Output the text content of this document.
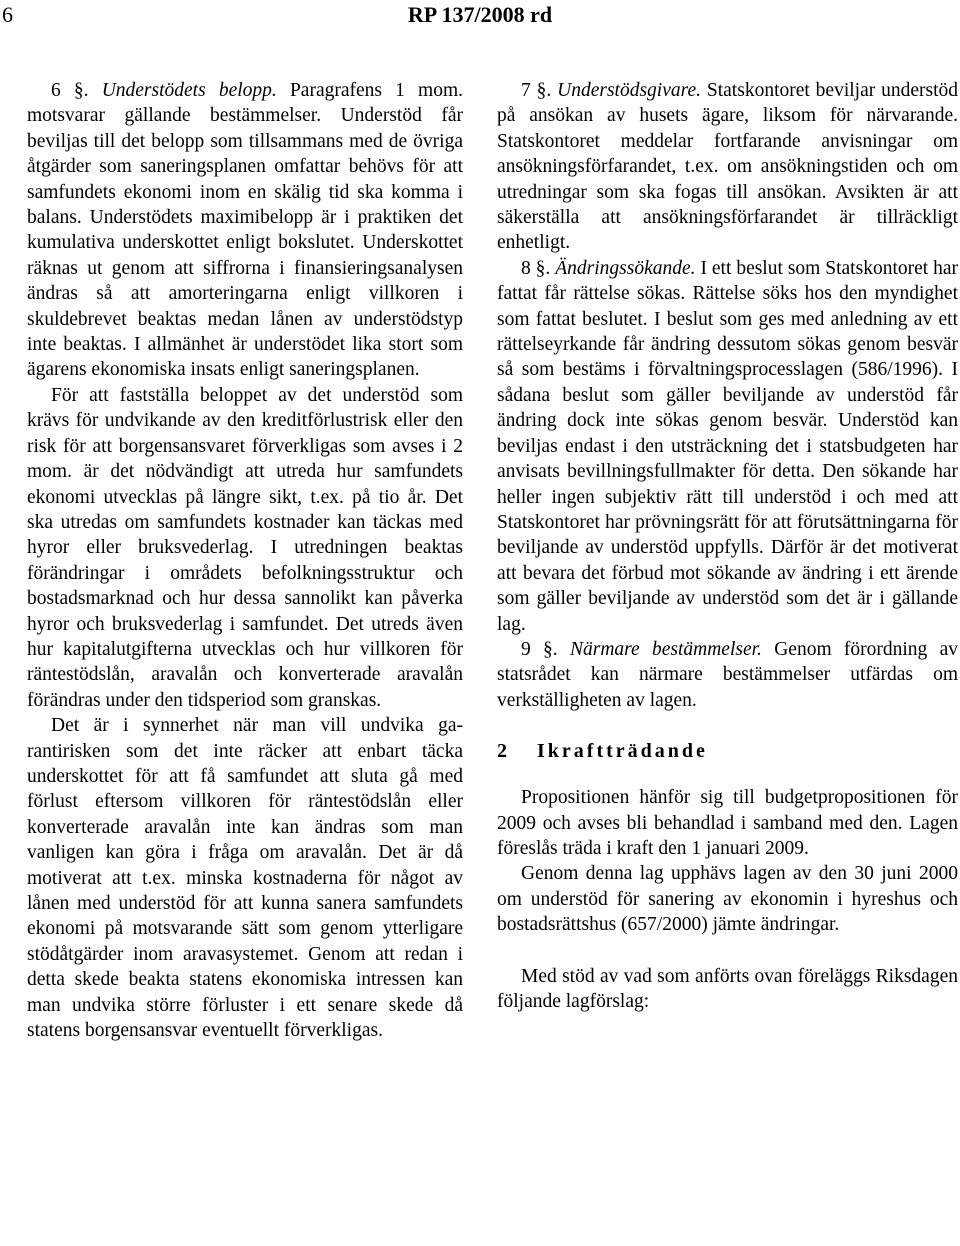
6	RP 137/2008 rd

6 §. Understödets belopp. Paragrafens 1 mom. motsvarar gällande bestämmelser. Understöd får beviljas till det belopp som tillsammans med de övriga åtgärder som saneringsplanen omfattar behövs för att samfundets ekonomi inom en skälig tid ska komma i balans. Understödets maximibelopp är i praktiken det kumulativa underskottet enligt bokslutet. Underskottet räknas ut genom att siffrorna i finansieringsanalysen ändras så att amorteringarna enligt villkoren i skuldebrevet beaktas medan lånen av understödstyp inte beaktas. I allmänhet är understödet lika stort som ägarens ekonomiska insats enligt saneringsplanen.

För att fastställa beloppet av det understöd som krävs för undvikande av den kreditförlustrisk eller den risk för att borgensansvaret förverkligas som avses i 2 mom. är det nödvändigt att utreda hur samfundets ekonomi utvecklas på längre sikt, t.ex. på tio år. Det ska utredas om samfundets kostnader kan täckas med hyror eller bruksvederlag. I utredningen beaktas förändringar i områdets befolkningsstruktur och bostadsmarknad och hur dessa sannolikt kan påverka hyror och bruksvederlag i samfundet. Det utreds även hur kapitalutgifterna utvecklas och hur villkoren för räntestödslån, aravalån och konverterade aravalån förändras under den tidsperiod som granskas.

Det är i synnerhet när man vill undvika garantirisken som det inte räcker att enbart täcka underskottet för att få samfundet att sluta gå med förlust eftersom villkoren för räntestödslån eller konverterade aravalån inte kan ändras som man vanligen kan göra i fråga om aravalån. Det är då motiverat att t.ex. minska kostnaderna för något av lånen med understöd för att kunna sanera samfundets ekonomi på motsvarande sätt som genom ytterligare stödåtgärder inom aravasystemet. Genom att redan i detta skede beakta statens ekonomiska intressen kan man undvika större förluster i ett senare skede då statens borgensansvar eventuellt förverkligas.

7 §. Understödsgivare. Statskontoret beviljar understöd på ansökan av husets ägare, liksom för närvarande. Statskontoret meddelar fortfarande anvisningar om ansökningsförfarandet, t.ex. om ansökningstiden och om utredningar som ska fogas till ansökan. Avsikten är att säkerställa att ansökningsförfarandet är tillräckligt enhetligt.

8 §. Ändringssökande. I ett beslut som Statskontoret har fattat får rättelse sökas. Rättelse söks hos den myndighet som fattat beslutet. I beslut som ges med anledning av ett rättelseyrkande får ändring dessutom sökas genom besvär så som bestäms i förvaltningsprocesslagen (586/1996). I sådana beslut som gäller beviljande av understöd får ändring dock inte sökas genom besvär. Understöd kan beviljas endast i den utsträckning det i statsbudgeten har anvisats bevillningsfullmakter för detta. Den sökande har heller ingen subjektiv rätt till understöd i och med att Statskontoret har prövningsrätt för att förutsättningarna för beviljande av understöd uppfylls. Därför är det motiverat att bevara det förbud mot sökande av ändring i ett ärende som gäller beviljande av understöd som det är i gällande lag.

9 §. Närmare bestämmelser. Genom förordning av statsrådet kan närmare bestämmelser utfärdas om verkställigheten av lagen.

2 Ikraftträdande

Propositionen hänför sig till budgetpropositionen för 2009 och avses bli behandlad i samband med den. Lagen föreslås träda i kraft den 1 januari 2009.

Genom denna lag upphävs lagen av den 30 juni 2000 om understöd för sanering av ekonomin i hyreshus och bostadsrättshus (657/2000) jämte ändringar.

Med stöd av vad som anförts ovan föreläggs Riksdagen följande lagförslag:
